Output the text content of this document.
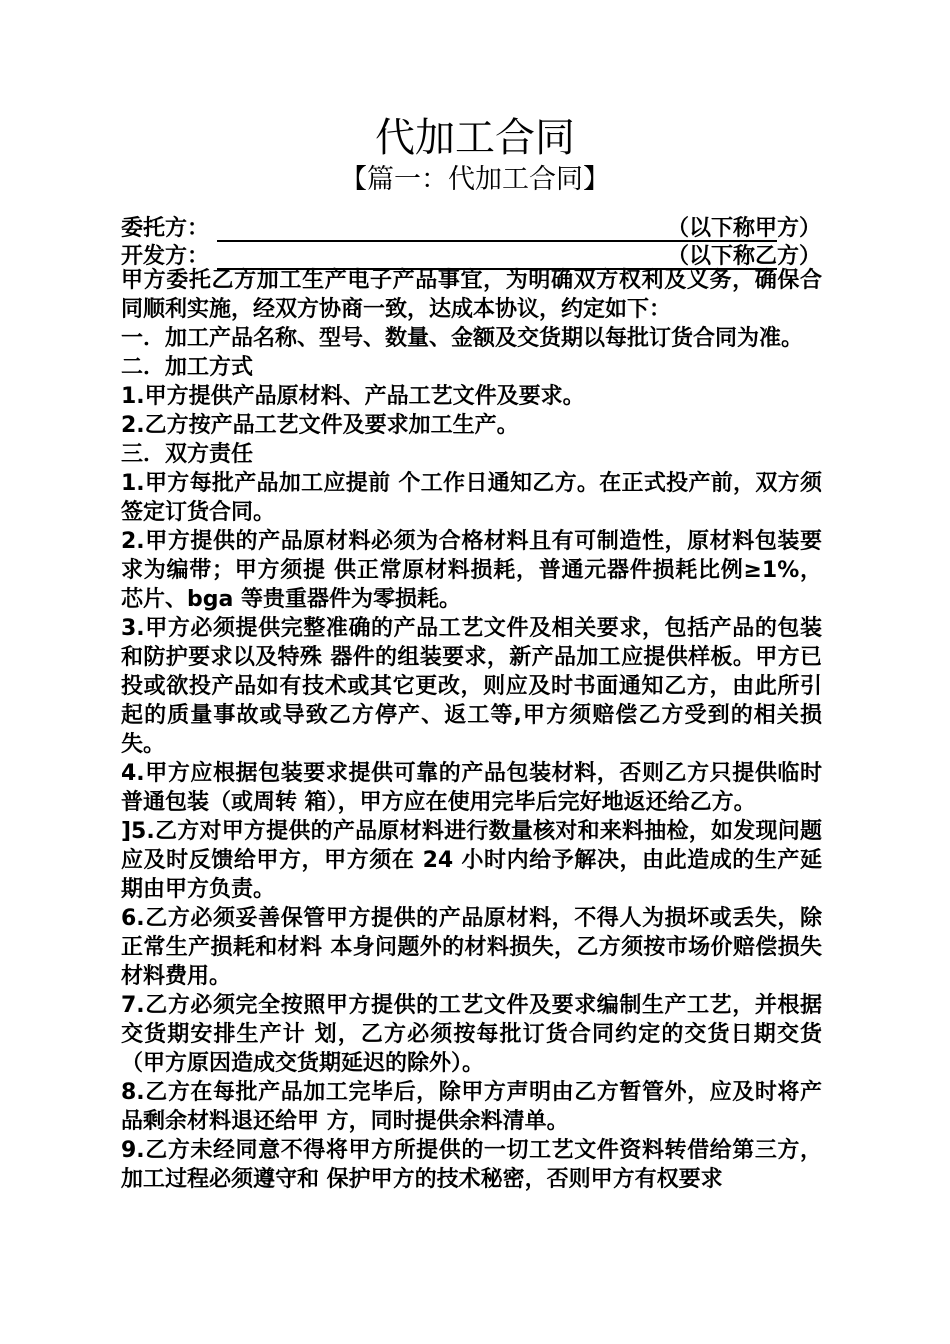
代加工合同
【篇一：代加工合同】
委托方：	（以下称甲方）
开发方：	（以下称乙方）

甲方委托乙方加工生产电子产品事宜，为明确双方权利及义务，确保合同顺利实施，经双方协商一致，达成本协议，约定如下：

一．加工产品名称、型号、数量、金额及交货期以每批订货合同为准。

二．加工方式

1.甲方提供产品原材料、产品工艺文件及要求。

2.乙方按产品工艺文件及要求加工生产。

三．双方责任

1.甲方每批产品加工应提前 个工作日通知乙方。在正式投产前，双方须签定订货合同。

2.甲方提供的产品原材料必须为合格材料且有可制造性，原材料包装要求为编带；甲方须提 供正常原材料损耗，普通元器件损耗比例≥1%，芯片、bga 等贵重器件为零损耗。

3.甲方必须提供完整准确的产品工艺文件及相关要求，包括产品的包装和防护要求以及特殊 器件的组装要求，新产品加工应提供样板。甲方已投或欲投产品如有技术或其它更改，则应及时书面通知乙方，由此所引起的质量事故或导致乙方停产、返工等,甲方须赔偿乙方受到的相关损失。

4.甲方应根据包装要求提供可靠的产品包装材料，否则乙方只提供临时普通包装（或周转 箱），甲方应在使用完毕后完好地返还给乙方。

]5.乙方对甲方提供的产品原材料进行数量核对和来料抽检，如发现问题应及时反馈给甲方，甲方须在 24 小时内给予解决，由此造成的生产延期由甲方负责。

6.乙方必须妥善保管甲方提供的产品原材料，不得人为损坏或丢失，除正常生产损耗和材料 本身问题外的材料损失，乙方须按市场价赔偿损失材料费用。

7.乙方必须完全按照甲方提供的工艺文件及要求编制生产工艺，并根据交货期安排生产计 划，乙方必须按每批订货合同约定的交货日期交货（甲方原因造成交货期延迟的除外）。

8.乙方在每批产品加工完毕后，除甲方声明由乙方暂管外，应及时将产品剩余材料退还给甲 方，同时提供余料清单。

9.乙方未经同意不得将甲方所提供的一切工艺文件资料转借给第三方，加工过程必须遵守和 保护甲方的技术秘密，否则甲方有权要求
